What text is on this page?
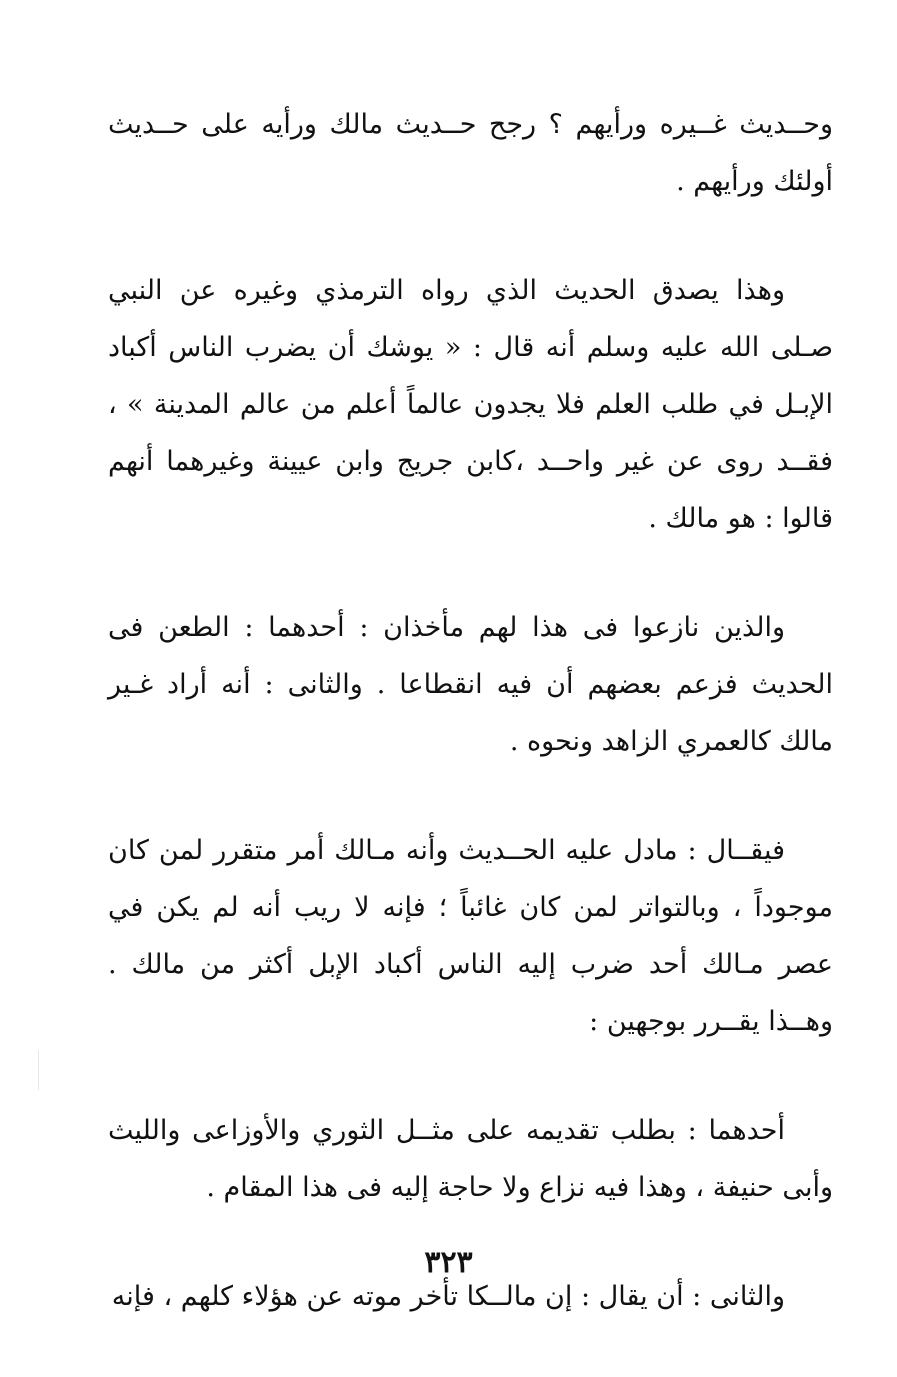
وحــديث غــيره ورأيهم ؟ رجح حــديث مالك ورأيه على حــديث أولئك ورأيهم .

وهذا يصدق الحديث الذي رواه الترمذي وغيره عن النبي صـلى الله عليه وسلم أنه قال : « يوشك أن يضرب الناس أكباد الإبـل في طلب العلم فلا يجدون عالماً أعلم من عالم المدينة » ، فقــد روى عن غير واحــد ،كابن جريج وابن عيينة وغيرهما أنهم قالوا : هو مالك .

والذين نازعوا فى هذا لهم مأخذان : أحدهما : الطعن فى الحديث فزعم بعضهم أن فيه انقطاعا . والثانى : أنه أراد غـير مالك كالعمري الزاهد ونحوه .

فيقــال : مادل عليه الحــديث وأنه مـالك أمر متقرر لمن كان موجوداً ، وبالتواتر لمن كان غائباً ؛ فإنه لا ريب أنه لم يكن في عصر مـالك أحد ضرب إليه الناس أكباد الإبل أكثر من مالك . وهــذا يقــرر بوجهين :

أحدهما : بطلب تقديمه على مثــل الثوري والأوزاعى والليث وأبى حنيفة ، وهذا فيه نزاع ولا حاجة إليه فى هذا المقام .

والثانى : أن يقال : إن مالــكا تأخر موته عن هؤلاء كلهم ، فإنه

٣٢٣
